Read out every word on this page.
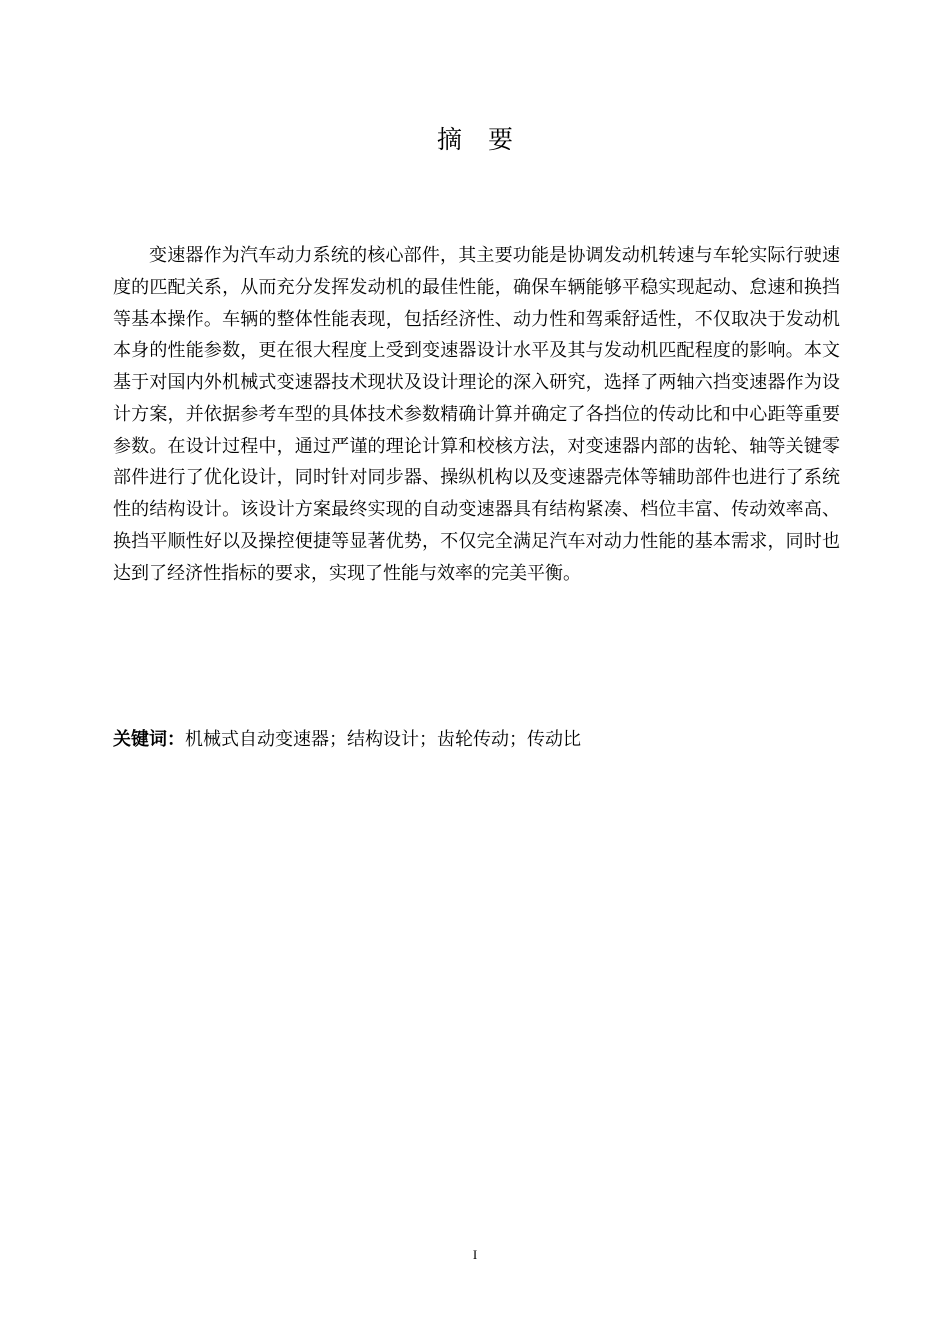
摘 要

变速器作为汽车动力系统的核心部件，其主要功能是协调发动机转速与车轮实际行驶速度的匹配关系，从而充分发挥发动机的最佳性能，确保车辆能够平稳实现起动、怠速和换挡等基本操作。车辆的整体性能表现，包括经济性、动力性和驾乘舒适性，不仅取决于发动机本身的性能参数，更在很大程度上受到变速器设计水平及其与发动机匹配程度的影响。本文基于对国内外机械式变速器技术现状及设计理论的深入研究，选择了两轴六挡变速器作为设计方案，并依据参考车型的具体技术参数精确计算并确定了各挡位的传动比和中心距等重要参数。在设计过程中，通过严谨的理论计算和校核方法，对变速器内部的齿轮、轴等关键零部件进行了优化设计，同时针对同步器、操纵机构以及变速器壳体等辅助部件也进行了系统性的结构设计。该设计方案最终实现的自动变速器具有结构紧凑、档位丰富、传动效率高、换挡平顺性好以及操控便捷等显著优势，不仅完全满足汽车对动力性能的基本需求，同时也达到了经济性指标的要求，实现了性能与效率的完美平衡。

关键词：机械式自动变速器；结构设计；齿轮传动；传动比

I
